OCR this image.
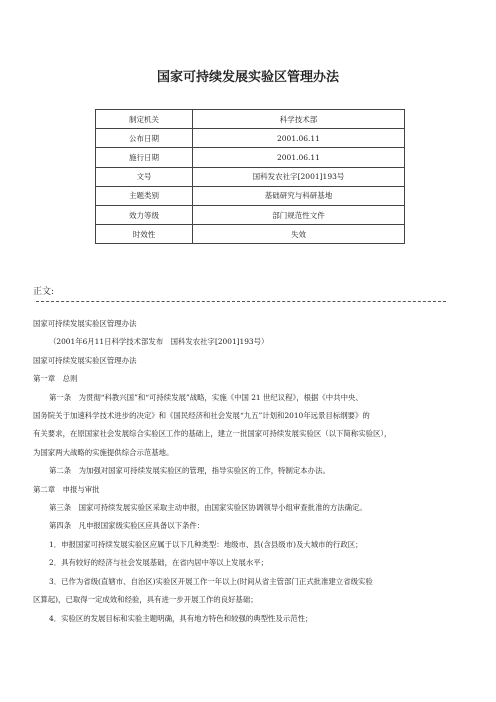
国家可持续发展实验区管理办法
制定机关	科学技术部
公布日期	2001.06.11
施行日期	2001.06.11
文号	国科发农社字[2001]193号
主题类别	基础研究与科研基地
效力等级	部门规范性文件
时效性	失效
正文:

国家可持续发展实验区管理办法

（2001年6月11日科学技术部发布　国科发农社字[2001]193号）

国家可持续发展实验区管理办法

第一章　总则

第一条　为贯彻“科教兴国”和“可持续发展”战略，实施《中国 21 世纪议程》，根据《中共中央、

国务院关于加速科学技术进步的决定》和《国民经济和社会发展“九五”计划和2010年远景目标纲要》的

有关要求，在原国家社会发展综合实验区工作的基础上，建立一批国家可持续发展实验区（以下简称实验区），

为国家两大战略的实施提供综合示范基地。

第二条　为加强对国家可持续发展实验区的管理，指导实验区的工作，特制定本办法。

第二章　申报与审批

第三条　国家可持续发展实验区采取主动申报，由国家实验区协调领导小组审查批准的方法确定。

第四条　凡申报国家级实验区应具备以下条件：

1．申报国家可持续发展实验区应属于以下几种类型：地级市、县(含县级市)及大城市的行政区；

2．具有较好的经济与社会发展基础，在省内居中等以上发展水平；

3．已作为省级(直辖市、自治区)实验区开展工作一年以上(时间从省主管部门正式批准建立省级实验

区算起)，已取得一定成效和经验，具有进一步开展工作的良好基础；

4．实验区的发展目标和实验主题明确，具有地方特色和较强的典型性及示范性；
